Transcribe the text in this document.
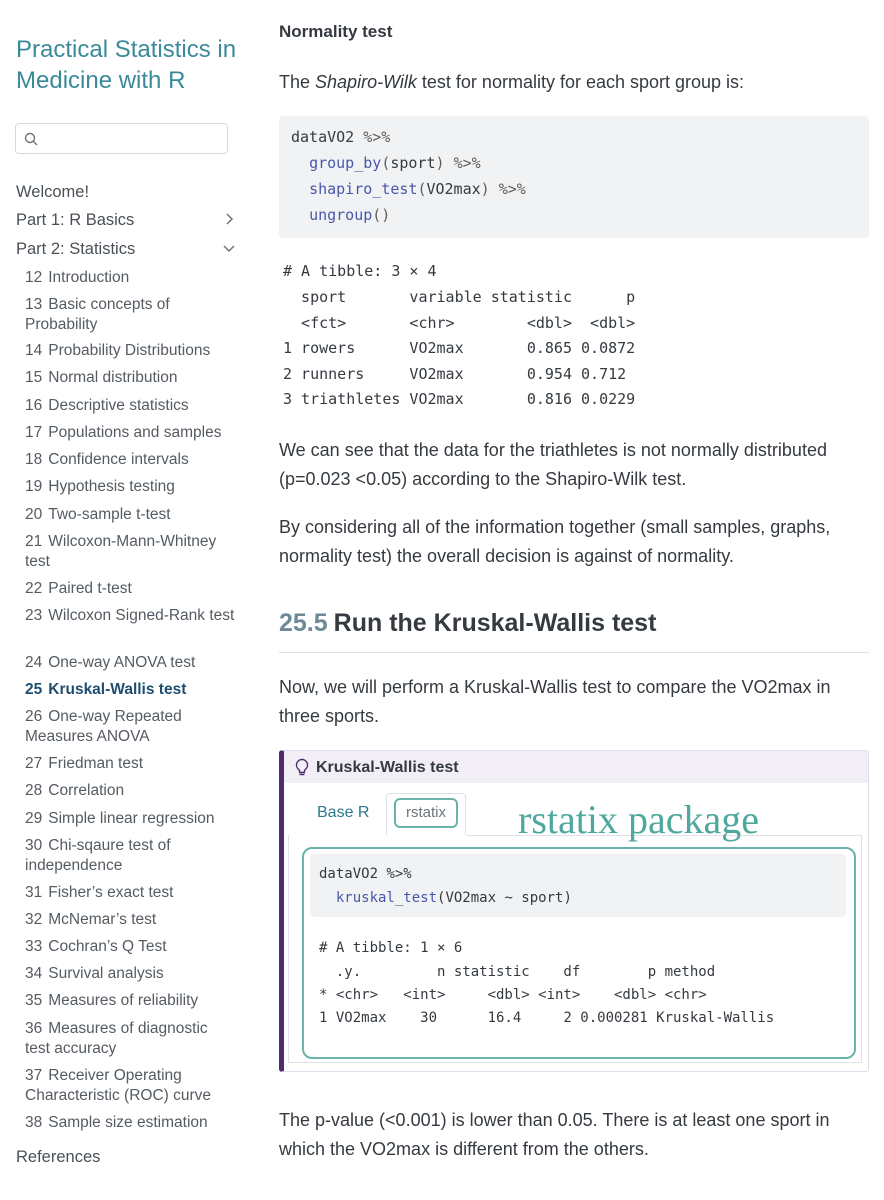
Practical Statistics in Medicine with R
Welcome!
Part 1: R Basics
Part 2: Statistics
12 Introduction
13 Basic concepts of Probability
14 Probability Distributions
15 Normal distribution
16 Descriptive statistics
17 Populations and samples
18 Confidence intervals
19 Hypothesis testing
20 Two-sample t-test
21 Wilcoxon-Mann-Whitney test
22 Paired t-test
23 Wilcoxon Signed-Rank test
24 One-way ANOVA test
25 Kruskal-Wallis test
26 One-way Repeated Measures ANOVA
27 Friedman test
28 Correlation
29 Simple linear regression
30 Chi-sqaure test of independence
31 Fisher’s exact test
32 McNemar’s test
33 Cochran’s Q Test
34 Survival analysis
35 Measures of reliability
36 Measures of diagnostic test accuracy
37 Receiver Operating Characteristic (ROC) curve
38 Sample size estimation
References
Normality test
The Shapiro-Wilk test for normality for each sport group is:
dataVO2 %>%
group_by(sport) %>%
shapiro_test(VO2max) %>%
ungroup()
# A tibble: 3 × 4
sport       variable statistic      p
<fct>       <chr>        <dbl>  <dbl>
1 rowers      VO2max       0.865 0.0872
2 runners     VO2max       0.954 0.712
3 triathletes VO2max       0.816 0.0229
We can see that the data for the triathletes is not normally distributed (p=0.023 <0.05) according to the Shapiro-Wilk test.
By considering all of the information together (small samples, graphs, normality test) the overall decision is against of normality.
25.5 Run the Kruskal-Wallis test
Now, we will perform a Kruskal-Wallis test to compare the VO2max in three sports.
Kruskal-Wallis test
Base R	rstatix	rstatix package
dataVO2 %>%
kruskal_test(VO2max ~ sport)
# A tibble: 1 × 6
.y.         n statistic    df        p method
* <chr>   <int>     <dbl> <int>    <dbl> <chr>
1 VO2max    30      16.4     2 0.000281 Kruskal-Wallis
The p-value (<0.001) is lower than 0.05. There is at least one sport in which the VO2max is different from the others.
